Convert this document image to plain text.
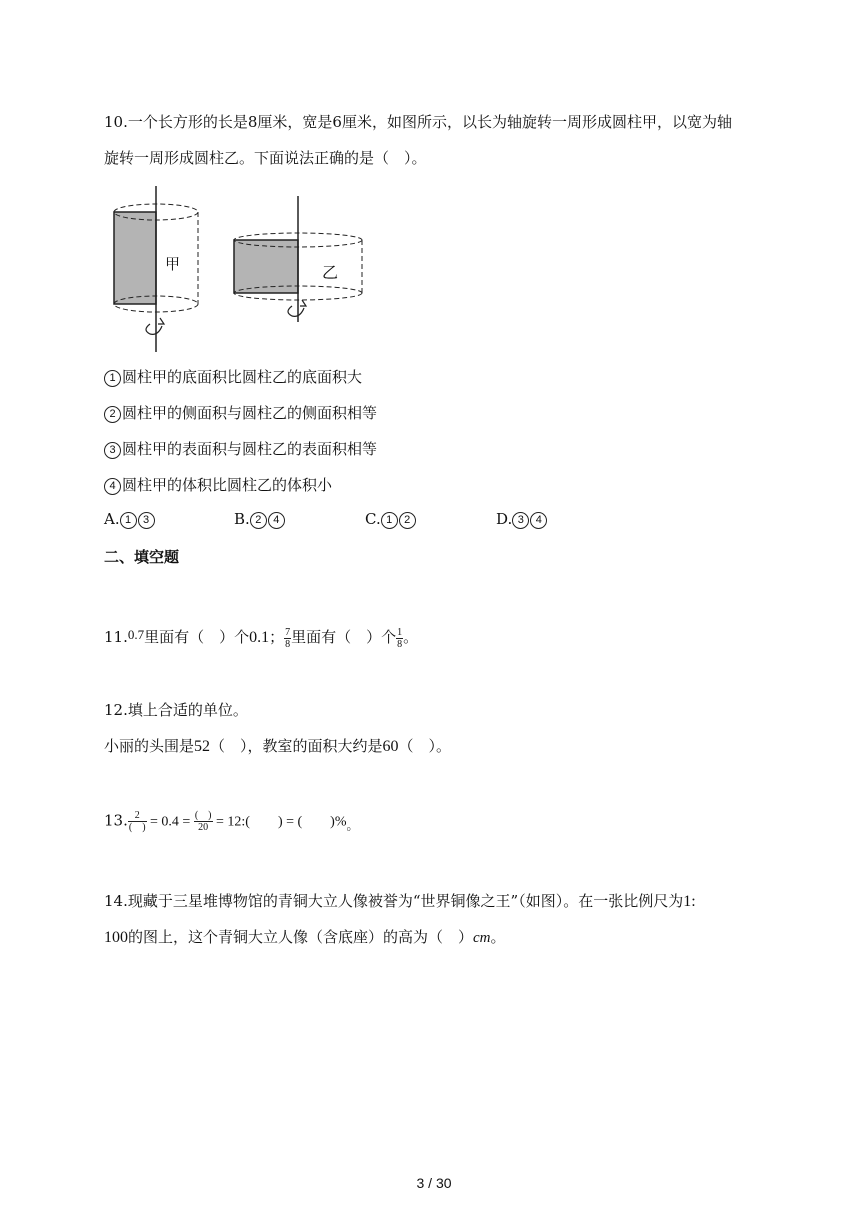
10.一个长方形的长是8厘米，宽是6厘米，如图所示，以长为轴旋转一周形成圆柱甲，以宽为轴
旋转一周形成圆柱乙。下面说法正确的是（　）。
甲	乙
1 圆柱甲的底面积比圆柱乙的底面积大
2 圆柱甲的侧面积与圆柱乙的侧面积相等
3 圆柱甲的表面积与圆柱乙的表面积相等
4 圆柱甲的体积比圆柱乙的体积小
A. 1 3	B. 2 4	C. 1 2	D. 3 4
二、填空题
11.0.7里面有（　）个0.1； $\frac{7}{8}$ 里面有（　）个 $\frac{1}{8}$ 。
12.填上合适的单位。
小丽的头围是52（　），教室的面积大约是60（　）。
13. $\frac{2}{( )} = 0.4 = \frac{( )}{20}$ = 12:(　　) = (　　)$\%_。$
14.现藏于三星堆博物馆的青铜大立人像被誉为“世界铜像之王”（如图）。在一张比例尺为1:
100的图上，这个青铜大立人像（含底座）的高为（　）cm。
3 / 30
